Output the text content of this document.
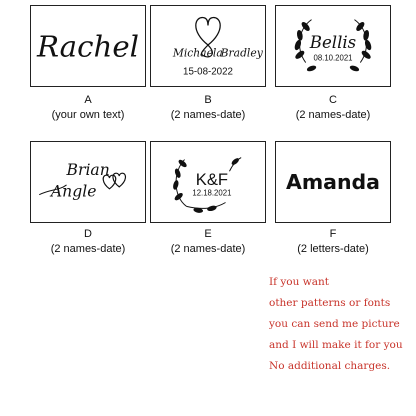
Rachel
A
(your own text)
Michaela
Bradley
15-08-2022
B
(2 names-date)
Bellis
08.10.2021
C
(2 names-date)
Brian
Angle
D
(2 names-date)
K&F
12.18.2021
E
(2 names-date)
Amanda
F
(2 letters-date)
If you want
other patterns or fonts
you can send me picture
and I will make it for you
No additional charges.
